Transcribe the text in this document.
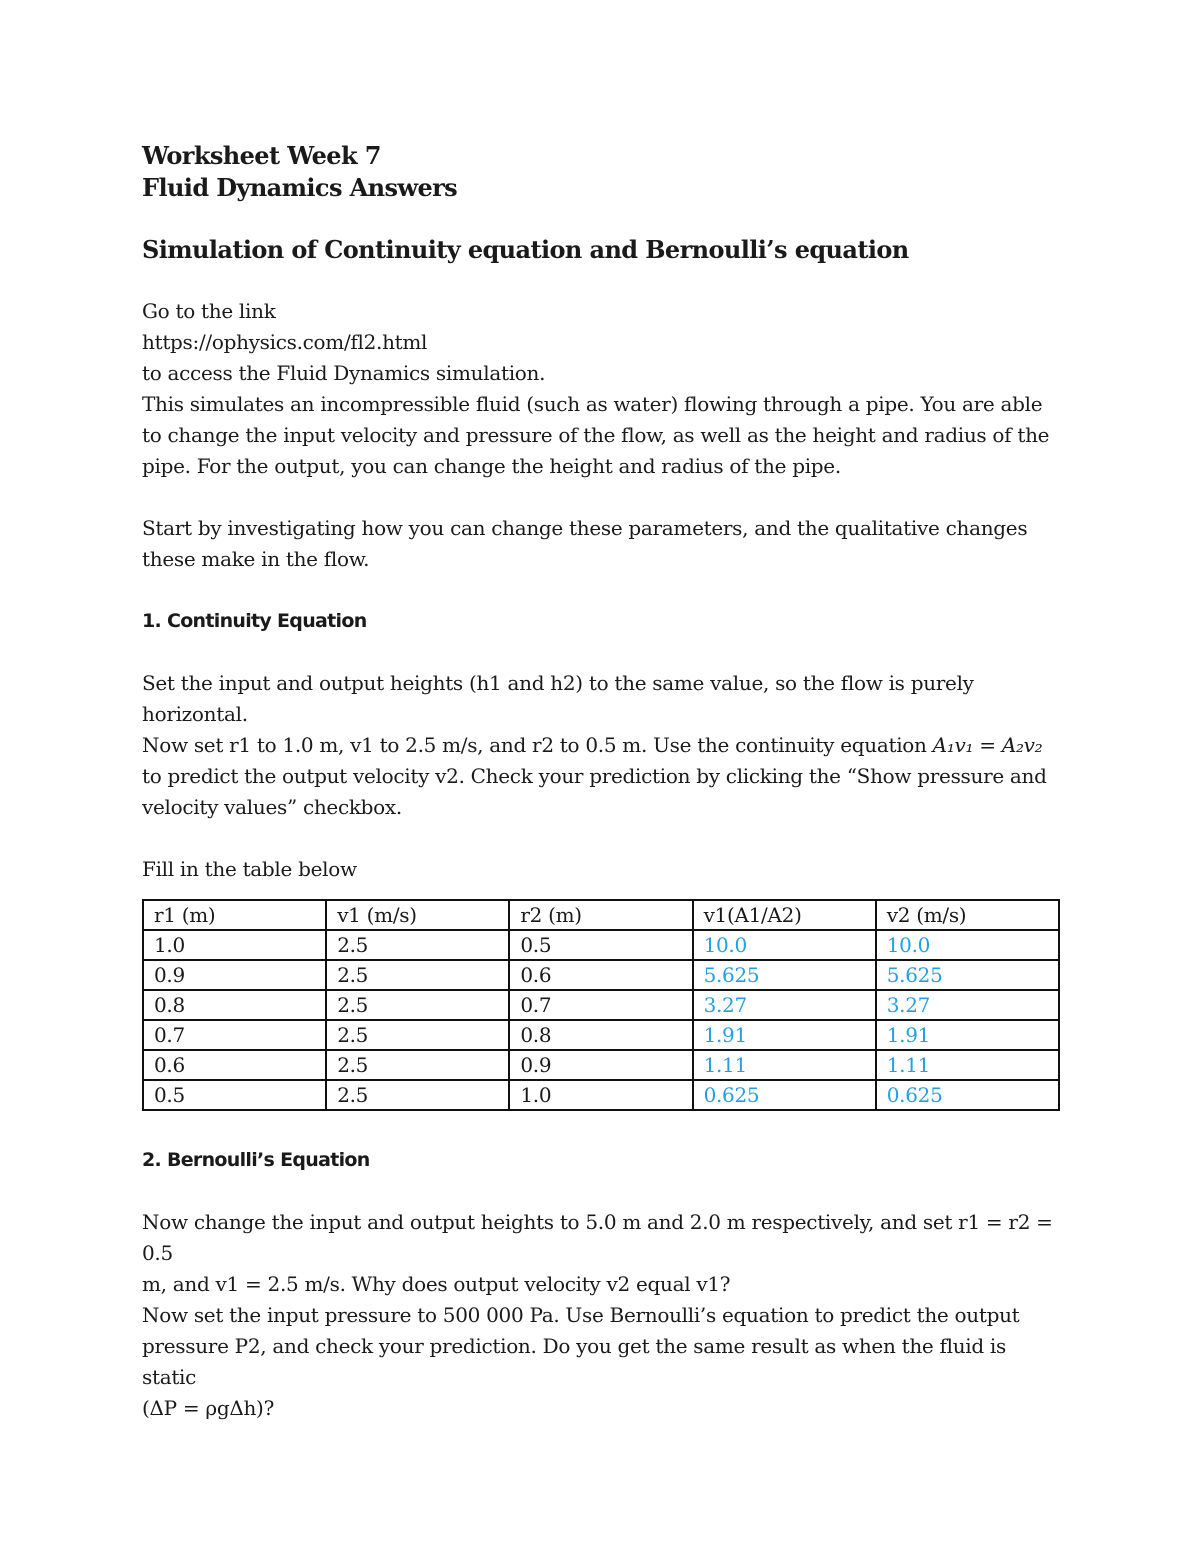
Worksheet Week 7
Fluid Dynamics Answers
Simulation of Continuity equation and Bernoulli’s equation

Go to the link

https://ophysics.com/fl2.html

to access the Fluid Dynamics simulation.

This simulates an incompressible fluid (such as water) flowing through a pipe. You are able

to change the input velocity and pressure of the flow, as well as the height and radius of the

pipe. For the output, you can change the height and radius of the pipe.

Start by investigating how you can change these parameters, and the qualitative changes

these make in the flow.

1. Continuity Equation

Set the input and output heights (h1 and h2) to the same value, so the flow is purely

horizontal.

Now set r1 to 1.0 m, v1 to 2.5 m/s, and r2 to 0.5 m. Use the continuity equation A₁v₁ = A₂v₂

to predict the output velocity v2. Check your prediction by clicking the “Show pressure and

velocity values” checkbox.

Fill in the table below

r1 (m)	v1 (m/s)	r2 (m)	v1(A1/A2)	v2 (m/s)
1.0	2.5	0.5	10.0	10.0
0.9	2.5	0.6	5.625	5.625
0.8	2.5	0.7	3.27	3.27
0.7	2.5	0.8	1.91	1.91
0.6	2.5	0.9	1.11	1.11
0.5	2.5	1.0	0.625	0.625
2. Bernoulli’s Equation

Now change the input and output heights to 5.0 m and 2.0 m respectively, and set r1 = r2 = 0.5

m, and v1 = 2.5 m/s. Why does output velocity v2 equal v1?

Now set the input pressure to 500 000 Pa. Use Bernoulli’s equation to predict the output

pressure P2, and check your prediction. Do you get the same result as when the fluid is static

(ΔP = ρgΔh)?
